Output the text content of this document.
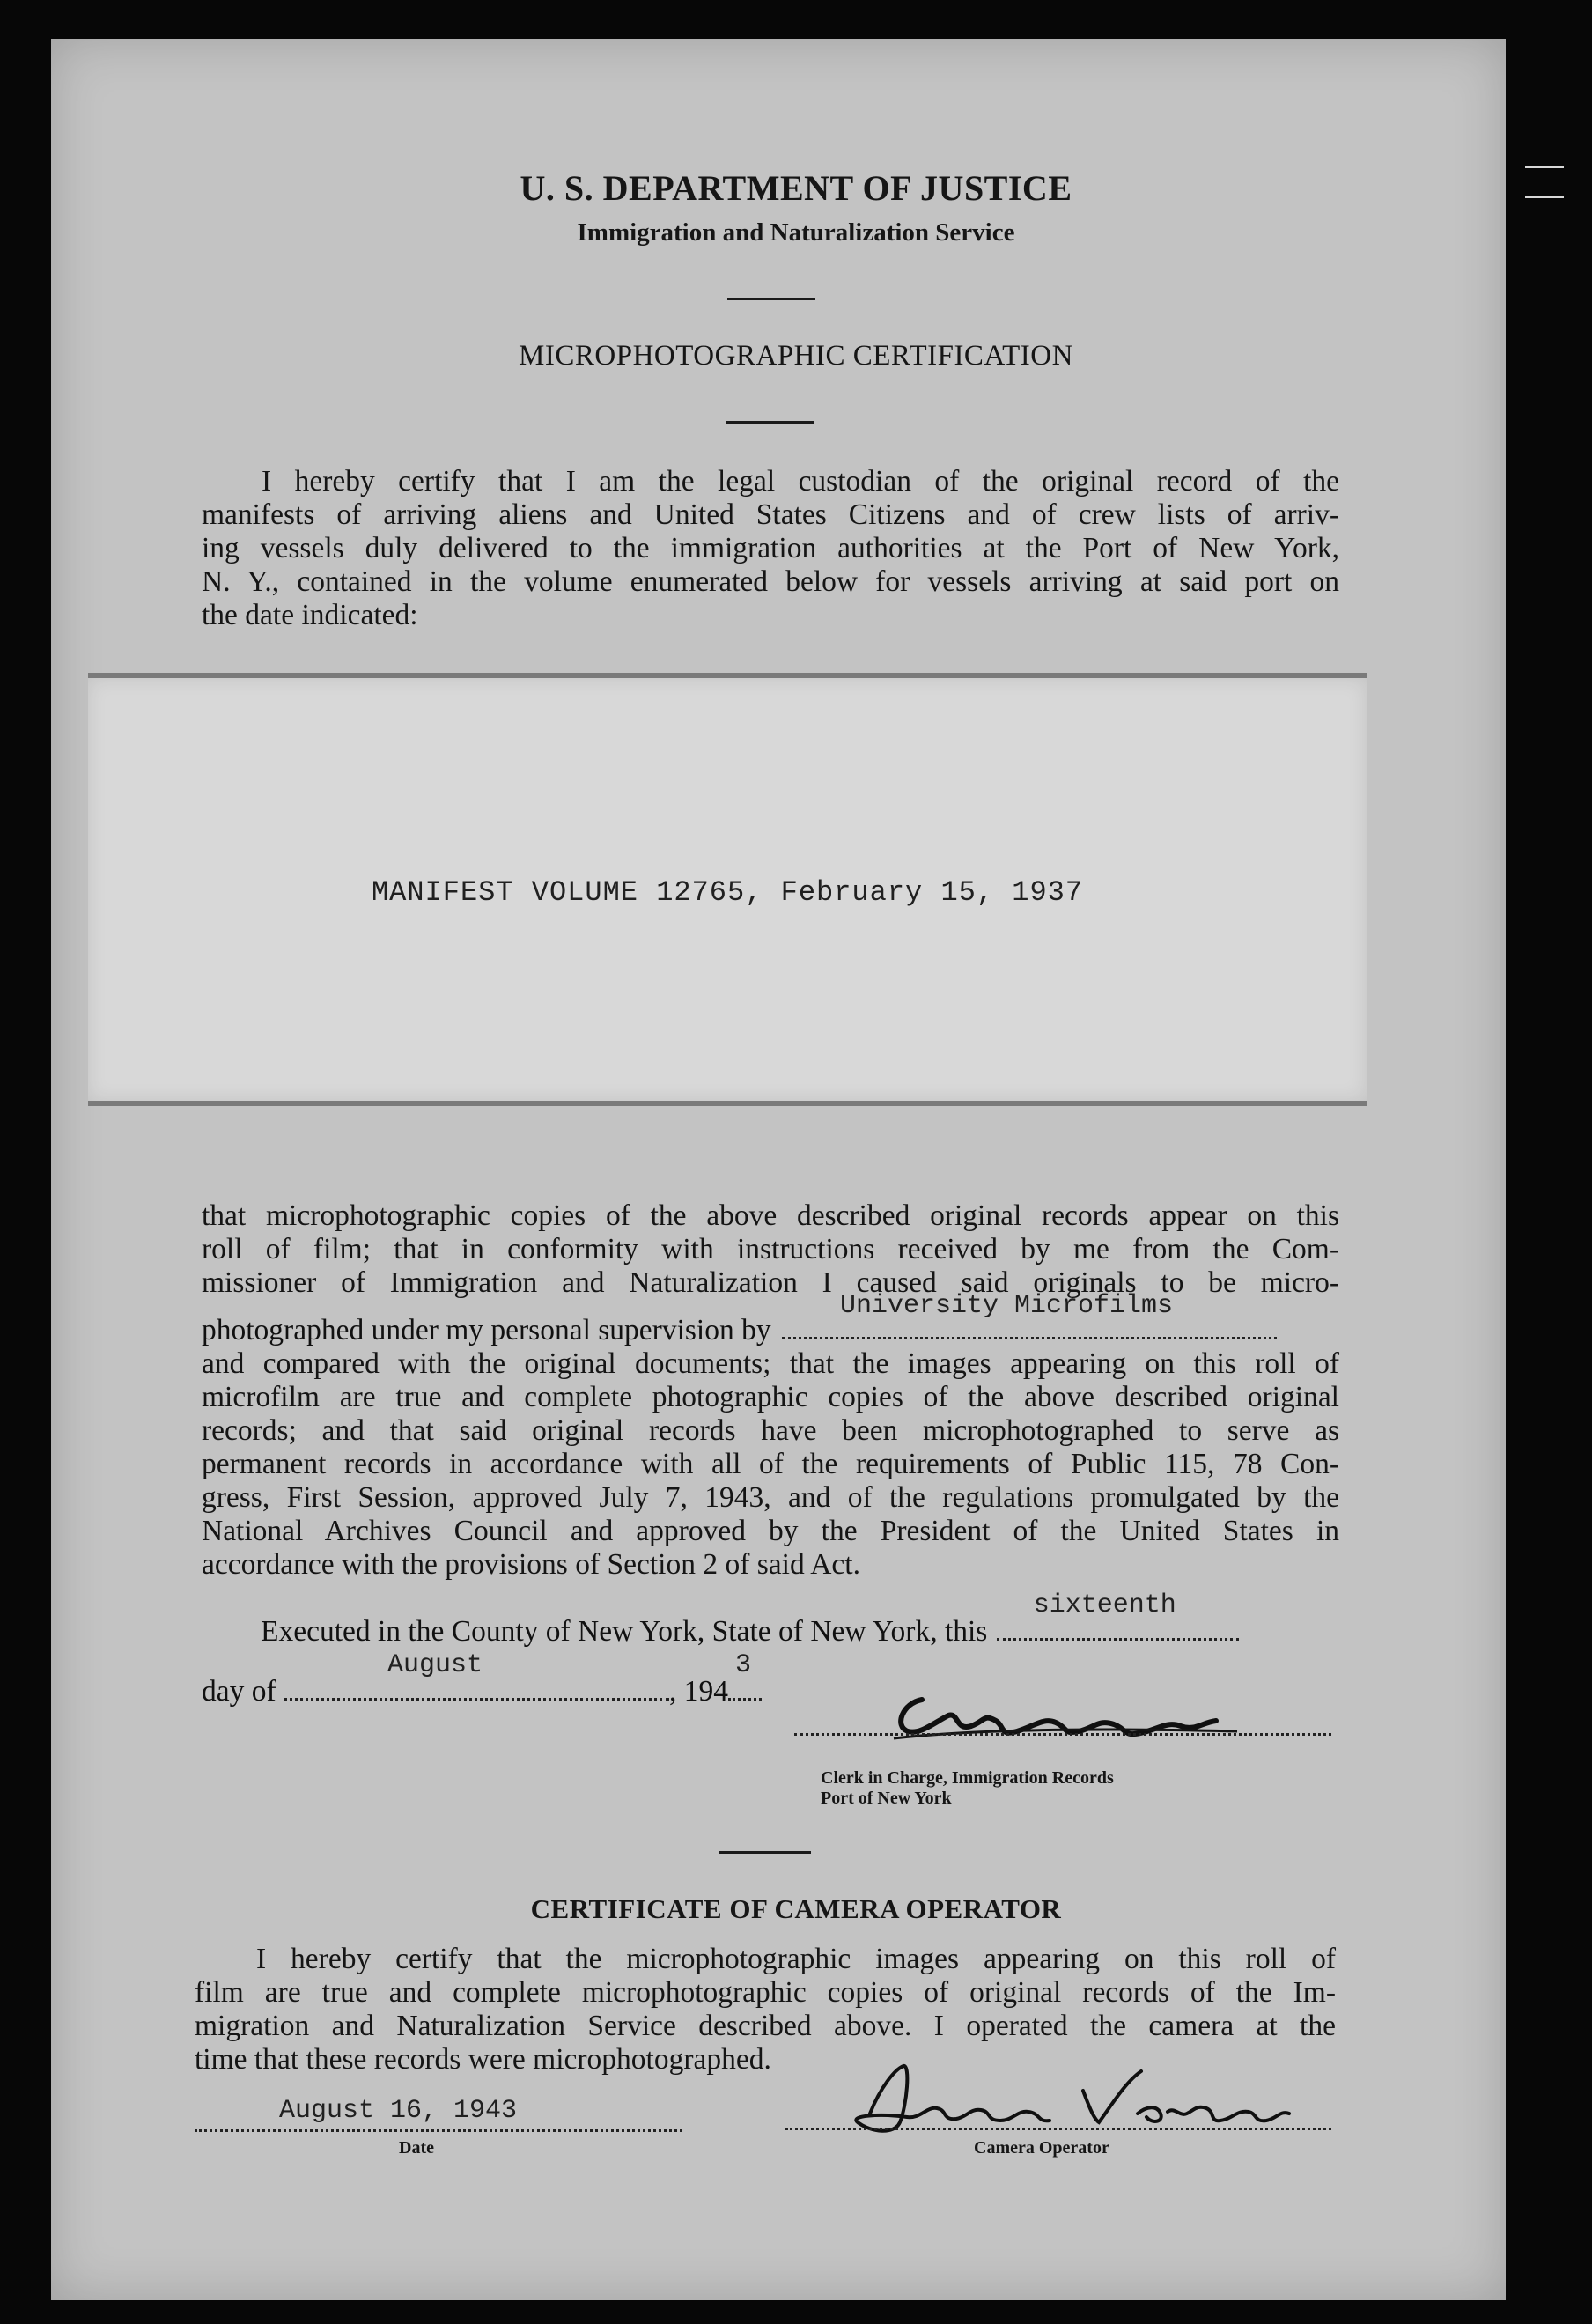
U. S. DEPARTMENT OF JUSTICE
Immigration and Naturalization Service
MICROPHOTOGRAPHIC CERTIFICATION
I hereby certify that I am the legal custodian of the original record of the
manifests of arriving aliens and United States Citizens and of crew lists of arriv-
ing vessels duly delivered to the immigration authorities at the Port of New York,
N. Y., contained in the volume enumerated below for vessels arriving at said port on
the date indicated:
MANIFEST VOLUME 12765, February 15, 1937
that microphotographic copies of the above described original records appear on this
roll of film; that in conformity with instructions received by me from the Com-
missioner of Immigration and Naturalization I caused said originals to be micro-
photographed under my personal supervision by
University Microfilms
and compared with the original documents; that the images appearing on this roll of
microfilm are true and complete photographic copies of the above described original
records; and that said original records have been microphotographed to serve as
permanent records in accordance with all of the requirements of Public 115, 78 Con-
gress, First Session, approved July 7, 1943, and of the regulations promulgated by the
National Archives Council and approved by the President of the United States in
accordance with the provisions of Section 2 of said Act.
Executed in the County of New York, State of New York, this
sixteenth
day of
August
, 194
3
Clerk in Charge, Immigration Records
Port of New York
CERTIFICATE OF CAMERA OPERATOR
I hereby certify that the microphotographic images appearing on this roll of
film are true and complete microphotographic copies of original records of the Im-
migration and Naturalization Service described above. I operated the camera at the
time that these records were microphotographed.
August 16, 1943
Date	Camera Operator
